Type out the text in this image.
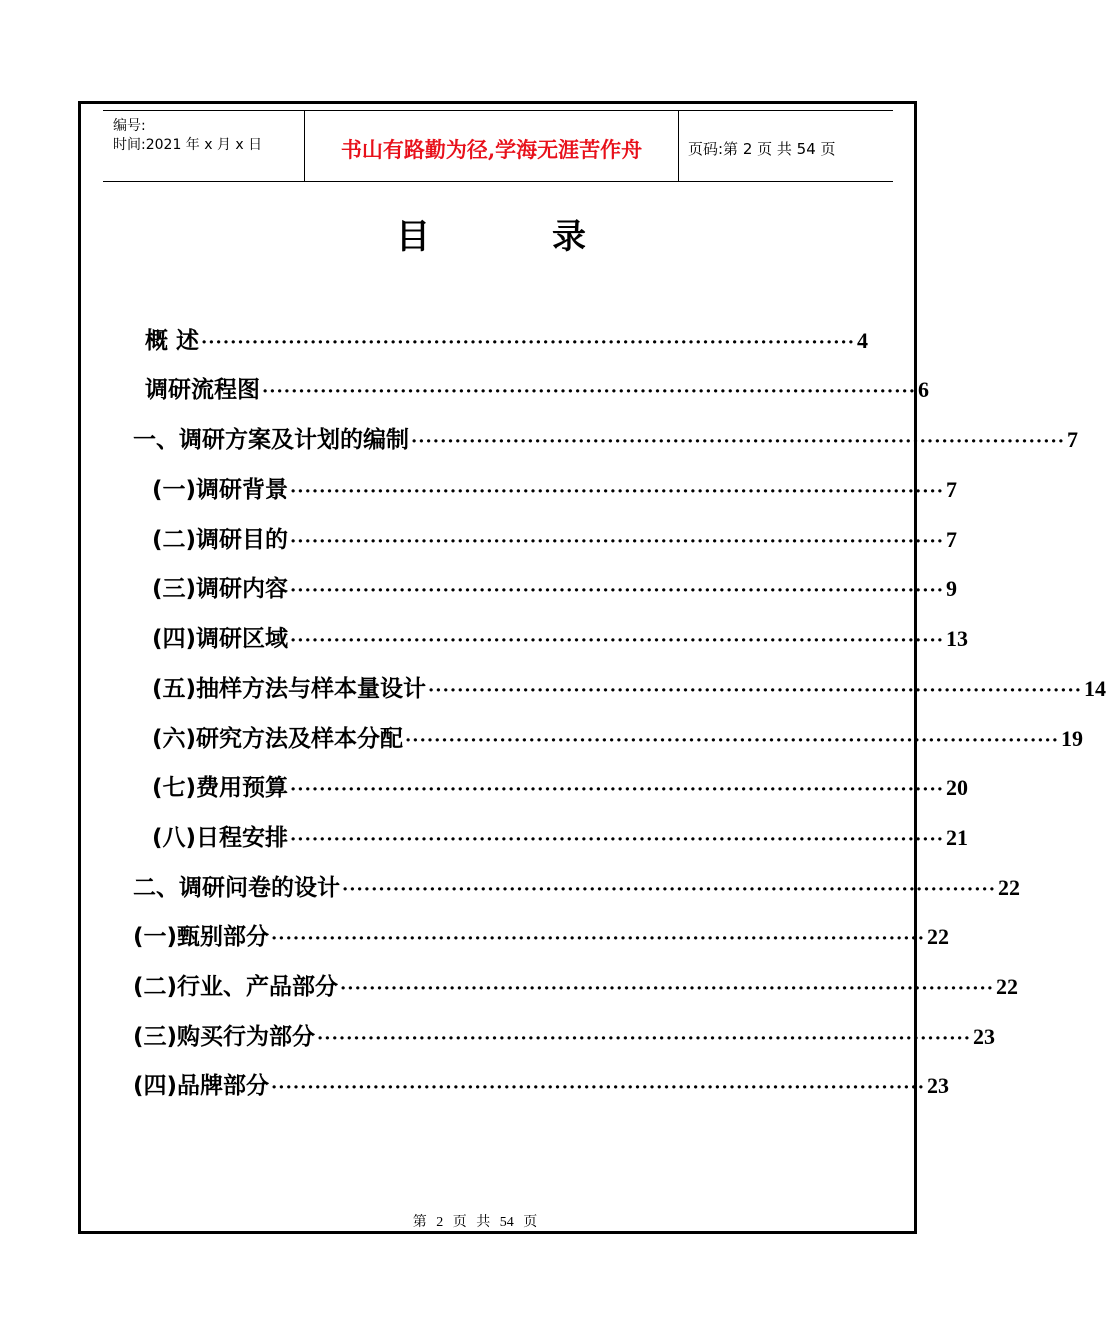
编号:
时间:2021 年 x 月 x 日	书山有路勤为径,学海无涯苦作舟	页码:第 2 页 共 54 页
目	录
概 述 ·························································································· 4
调研流程图 ·························································································· 6
一、调研方案及计划的编制 ·························································································· 7
(一)调研背景 ·························································································· 7
(二)调研目的 ·························································································· 7
(三)调研内容 ·························································································· 9
(四)调研区域 ·························································································· 13
(五)抽样方法与样本量设计 ·························································································· 14
(六)研究方法及样本分配 ·························································································· 19
(七)费用预算 ·························································································· 20
(八)日程安排 ·························································································· 21
二、调研问卷的设计 ·························································································· 22
(一)甄别部分 ·························································································· 22
(二)行业、产品部分 ·························································································· 22
(三)购买行为部分 ·························································································· 23
(四)品牌部分 ·························································································· 23
第 2 页 共 54 页
